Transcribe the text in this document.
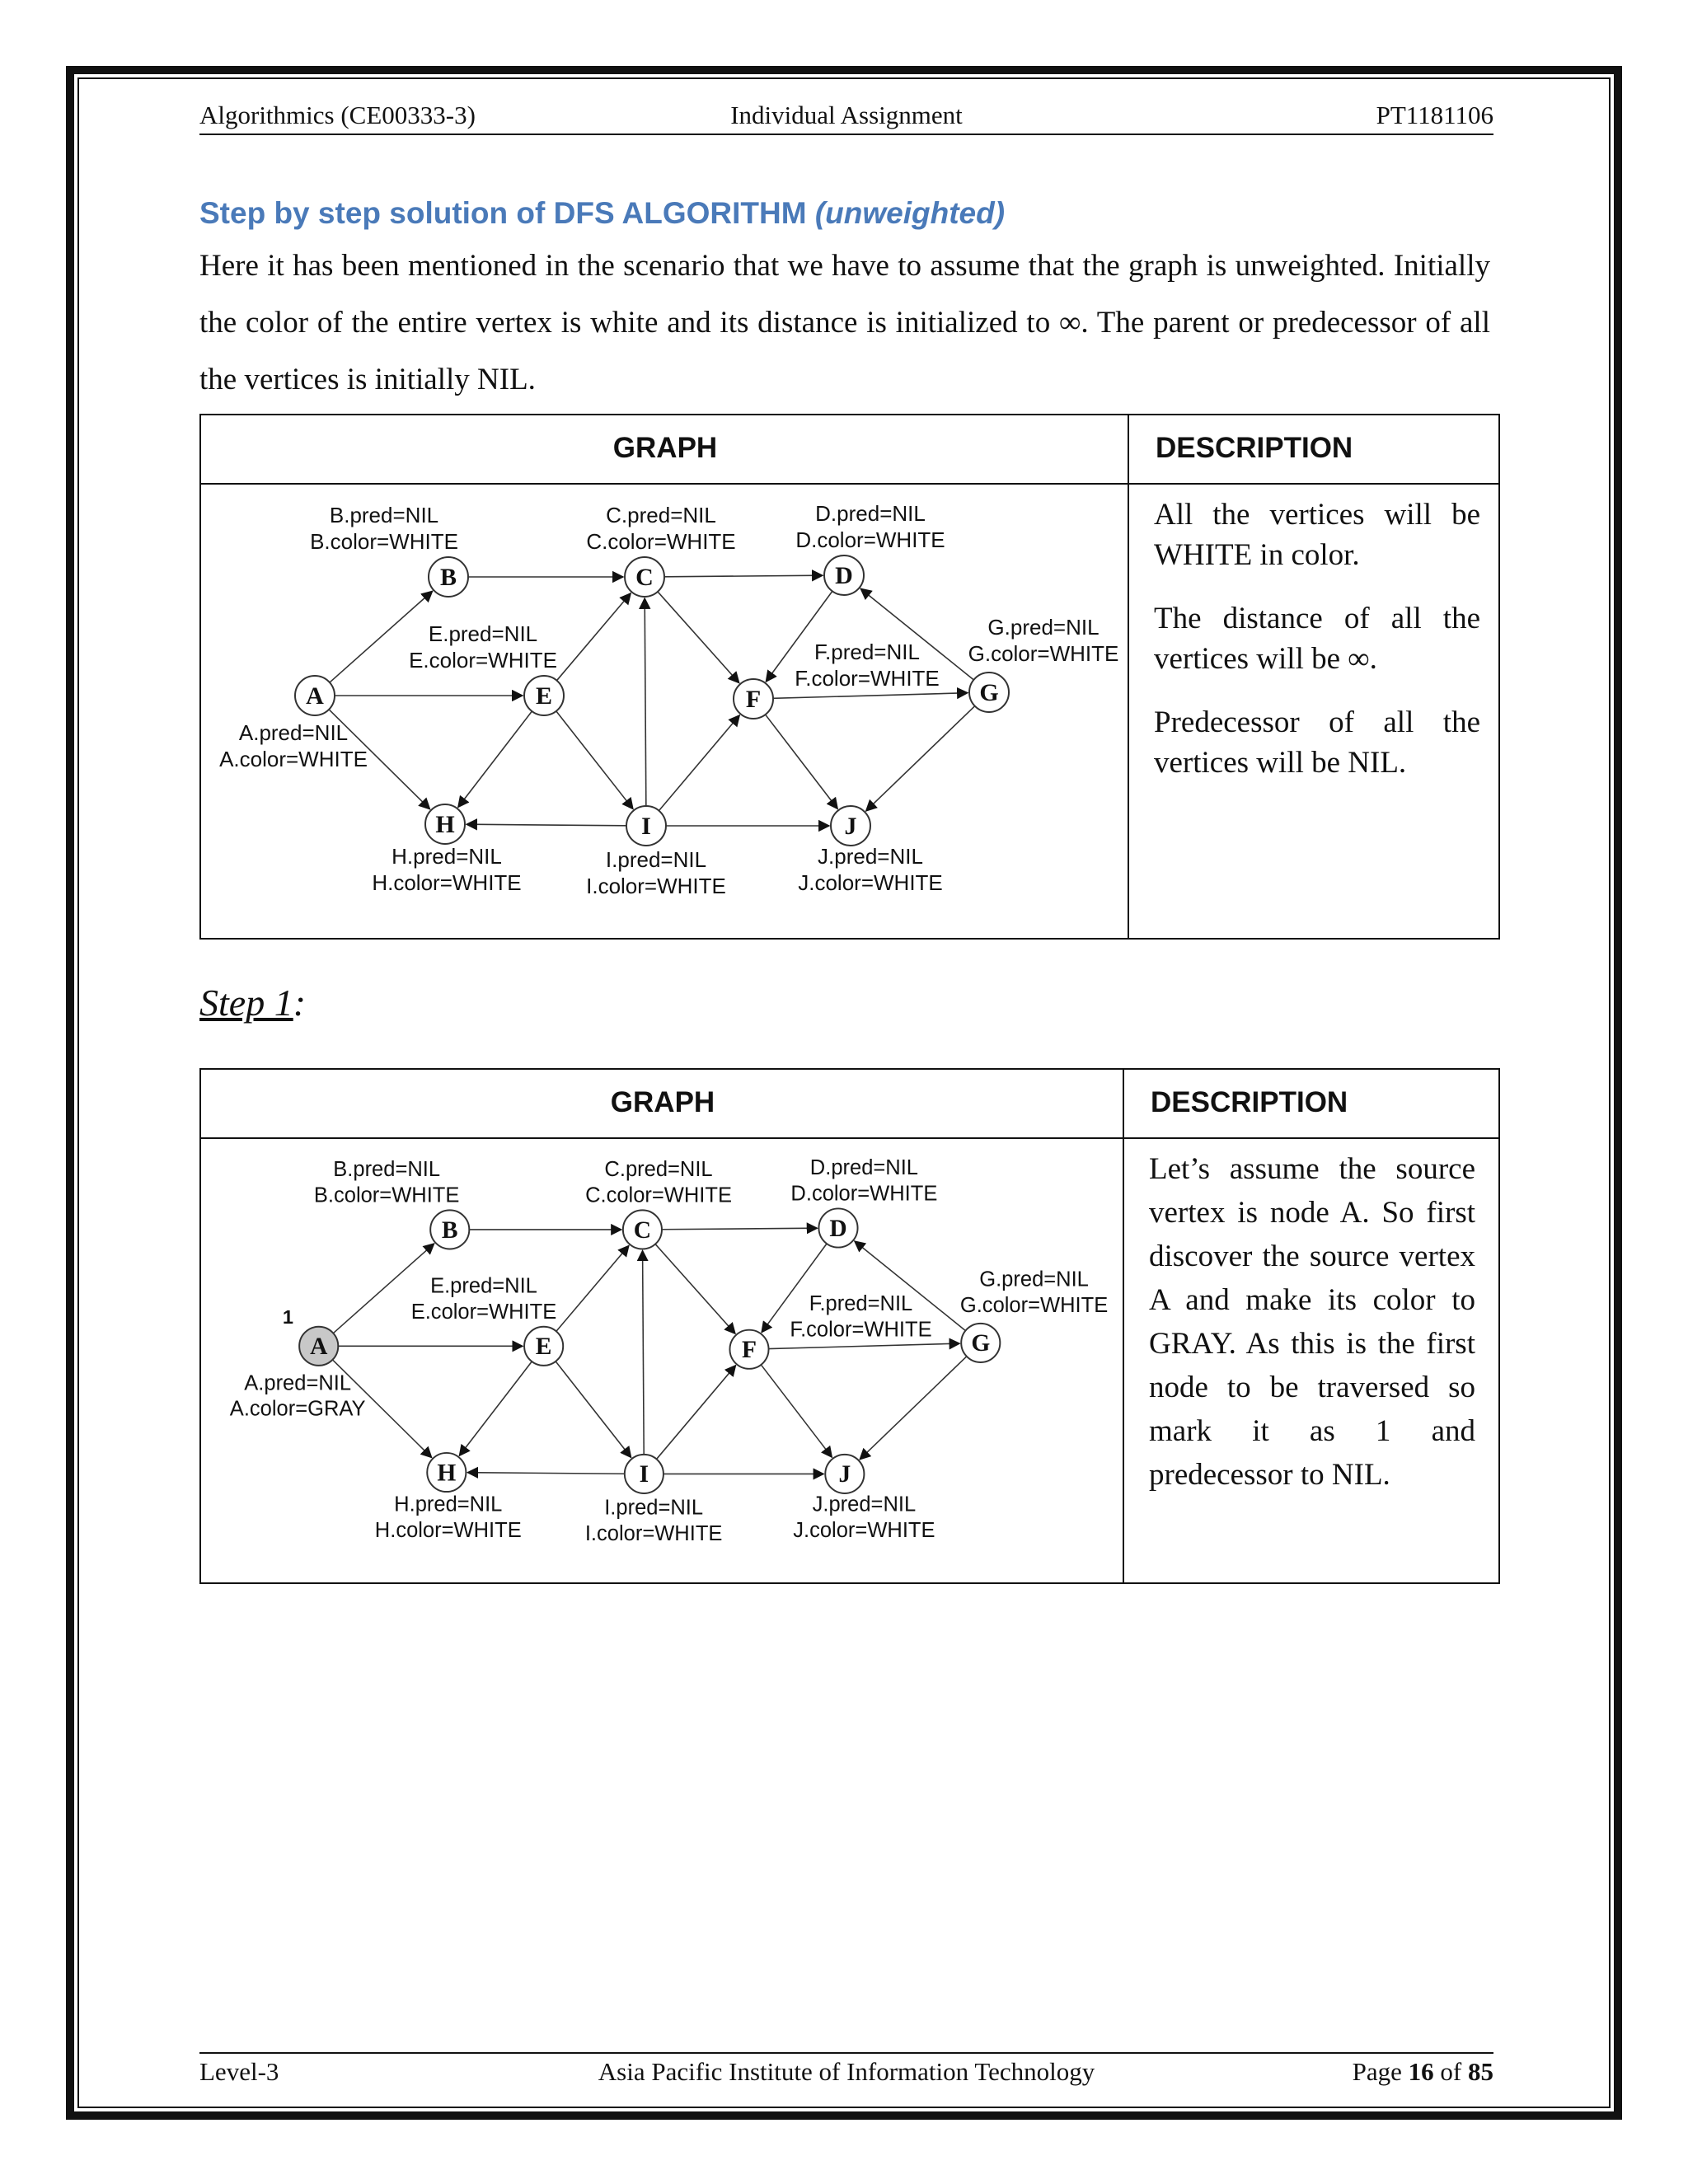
Algorithmics (CE00333-3)	Individual Assignment	PT1181106
Step by step solution of DFS ALGORITHM (unweighted)
Here it has been mentioned in the scenario that we have to assume that the graph is unweighted. Initially the color of the entire vertex is white and its distance is initialized to ∞. The parent or predecessor of all the vertices is initially NIL.
GRAPH	DESCRIPTION
A
A.pred=NIL
A.color=WHITE
B
B.pred=NIL
B.color=WHITE
C
C.pred=NIL
C.color=WHITE
D
D.pred=NIL
D.color=WHITE
E
E.pred=NIL
E.color=WHITE
F
F.pred=NIL
F.color=WHITE
G
G.pred=NIL
G.color=WHITE
H
H.pred=NIL
H.color=WHITE
I
I.pred=NIL
I.color=WHITE
J
J.pred=NIL
J.color=WHITE

All the vertices will be WHITE in color.

The distance of all the vertices will be ∞.

Predecessor of all the vertices will be NIL.

Step 1:
GRAPH	DESCRIPTION
A
A.pred=NIL
A.color=GRAY
B
B.pred=NIL
B.color=WHITE
C
C.pred=NIL
C.color=WHITE
D
D.pred=NIL
D.color=WHITE
E
E.pred=NIL
E.color=WHITE
F
F.pred=NIL
F.color=WHITE
G
G.pred=NIL
G.color=WHITE
H
H.pred=NIL
H.color=WHITE
I
I.pred=NIL
I.color=WHITE
J
J.pred=NIL
J.color=WHITE
1

Let’s assume the source vertex is node A. So first discover the source vertex A and make its color to GRAY. As this is the first node to be traversed so mark it as 1 and predecessor to NIL.

Level-3	Asia Pacific Institute of Information Technology	Page 16 of 85
